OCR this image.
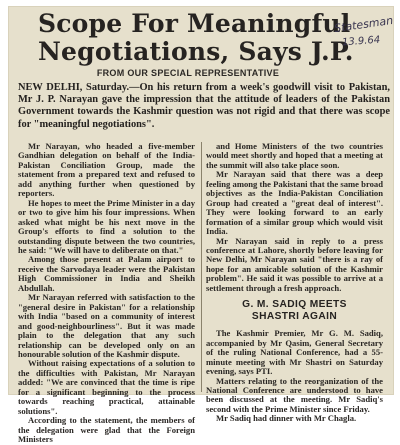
Scope For Meaningful
Negotiations, Says J.P.
FROM OUR SPECIAL REPRESENTATIVE
Statesman
13.9.64
NEW DELHI, Saturday.—On his return from a week's goodwill visit to Pakistan, Mr J. P. Narayan gave the impression that the attitude of leaders of the Pakistan Government towards the Kashmir question was not rigid and that there was scope for "meaningful negotiations".

Mr Narayan, who headed a five-member Gandhian delegation on behalf of the India-Pakistan Conciliation Group, made the statement from a prepared text and refused to add anything further when questioned by reporters.

He hopes to meet the Prime Minister in a day or two to give him his four impressions. When asked what might be his next move in the Group's efforts to find a solution to the outstanding dispute between the two countries, he said: "We will have to deliberate on that."

Among those present at Palam airport to receive the Sarvodaya leader were the Pakistan High Commissioner in India and Sheikh Abdullah.

Mr Narayan referred with satisfaction to the "general desire in Pakistan" for a relationship with India "based on a community of interest and good-neighbourliness". But it was made plain to the delegation that any such relationship can be developed only on an honourable solution of the Kashmir dispute.

Without raising expectations of a solution to the difficulties with Pakistan, Mr Narayan added: "We are convinced that the time is ripe for a significant beginning to the process towards reaching practical, attainable solutions".

According to the statement, the members of the delegation were glad that the Foreign Ministers

and Home Ministers of the two countries would meet shortly and hoped that a meeting at the summit will also take place soon.

Mr Narayan said that there was a deep feeling among the Pakistani that the same broad objectives as the India-Pakistan Conciliation Group had created a "great deal of interest". They were looking forward to an early formation of a similar group which would visit India.

Mr Narayan said in reply to a press conference at Lahore, shortly before leaving for New Delhi, Mr Narayan said "there is a ray of hope for an amicable solution of the Kashmir problem". He said it was possible to arrive at a settlement through a fresh approach.

G. M. SADIQ MEETS
SHASTRI AGAIN

The Kashmir Premier, Mr G. M. Sadiq, accompanied by Mr Qasim, General Secretary of the ruling National Conference, had a 55-minute meeting with Mr Shastri on Saturday evening, says PTI.

Matters relating to the reorganization of the National Conference are understood to have been discussed at the meeting. Mr Sadiq's second with the Prime Minister since Friday.

Mr Sadiq had dinner with Mr Chagla.
